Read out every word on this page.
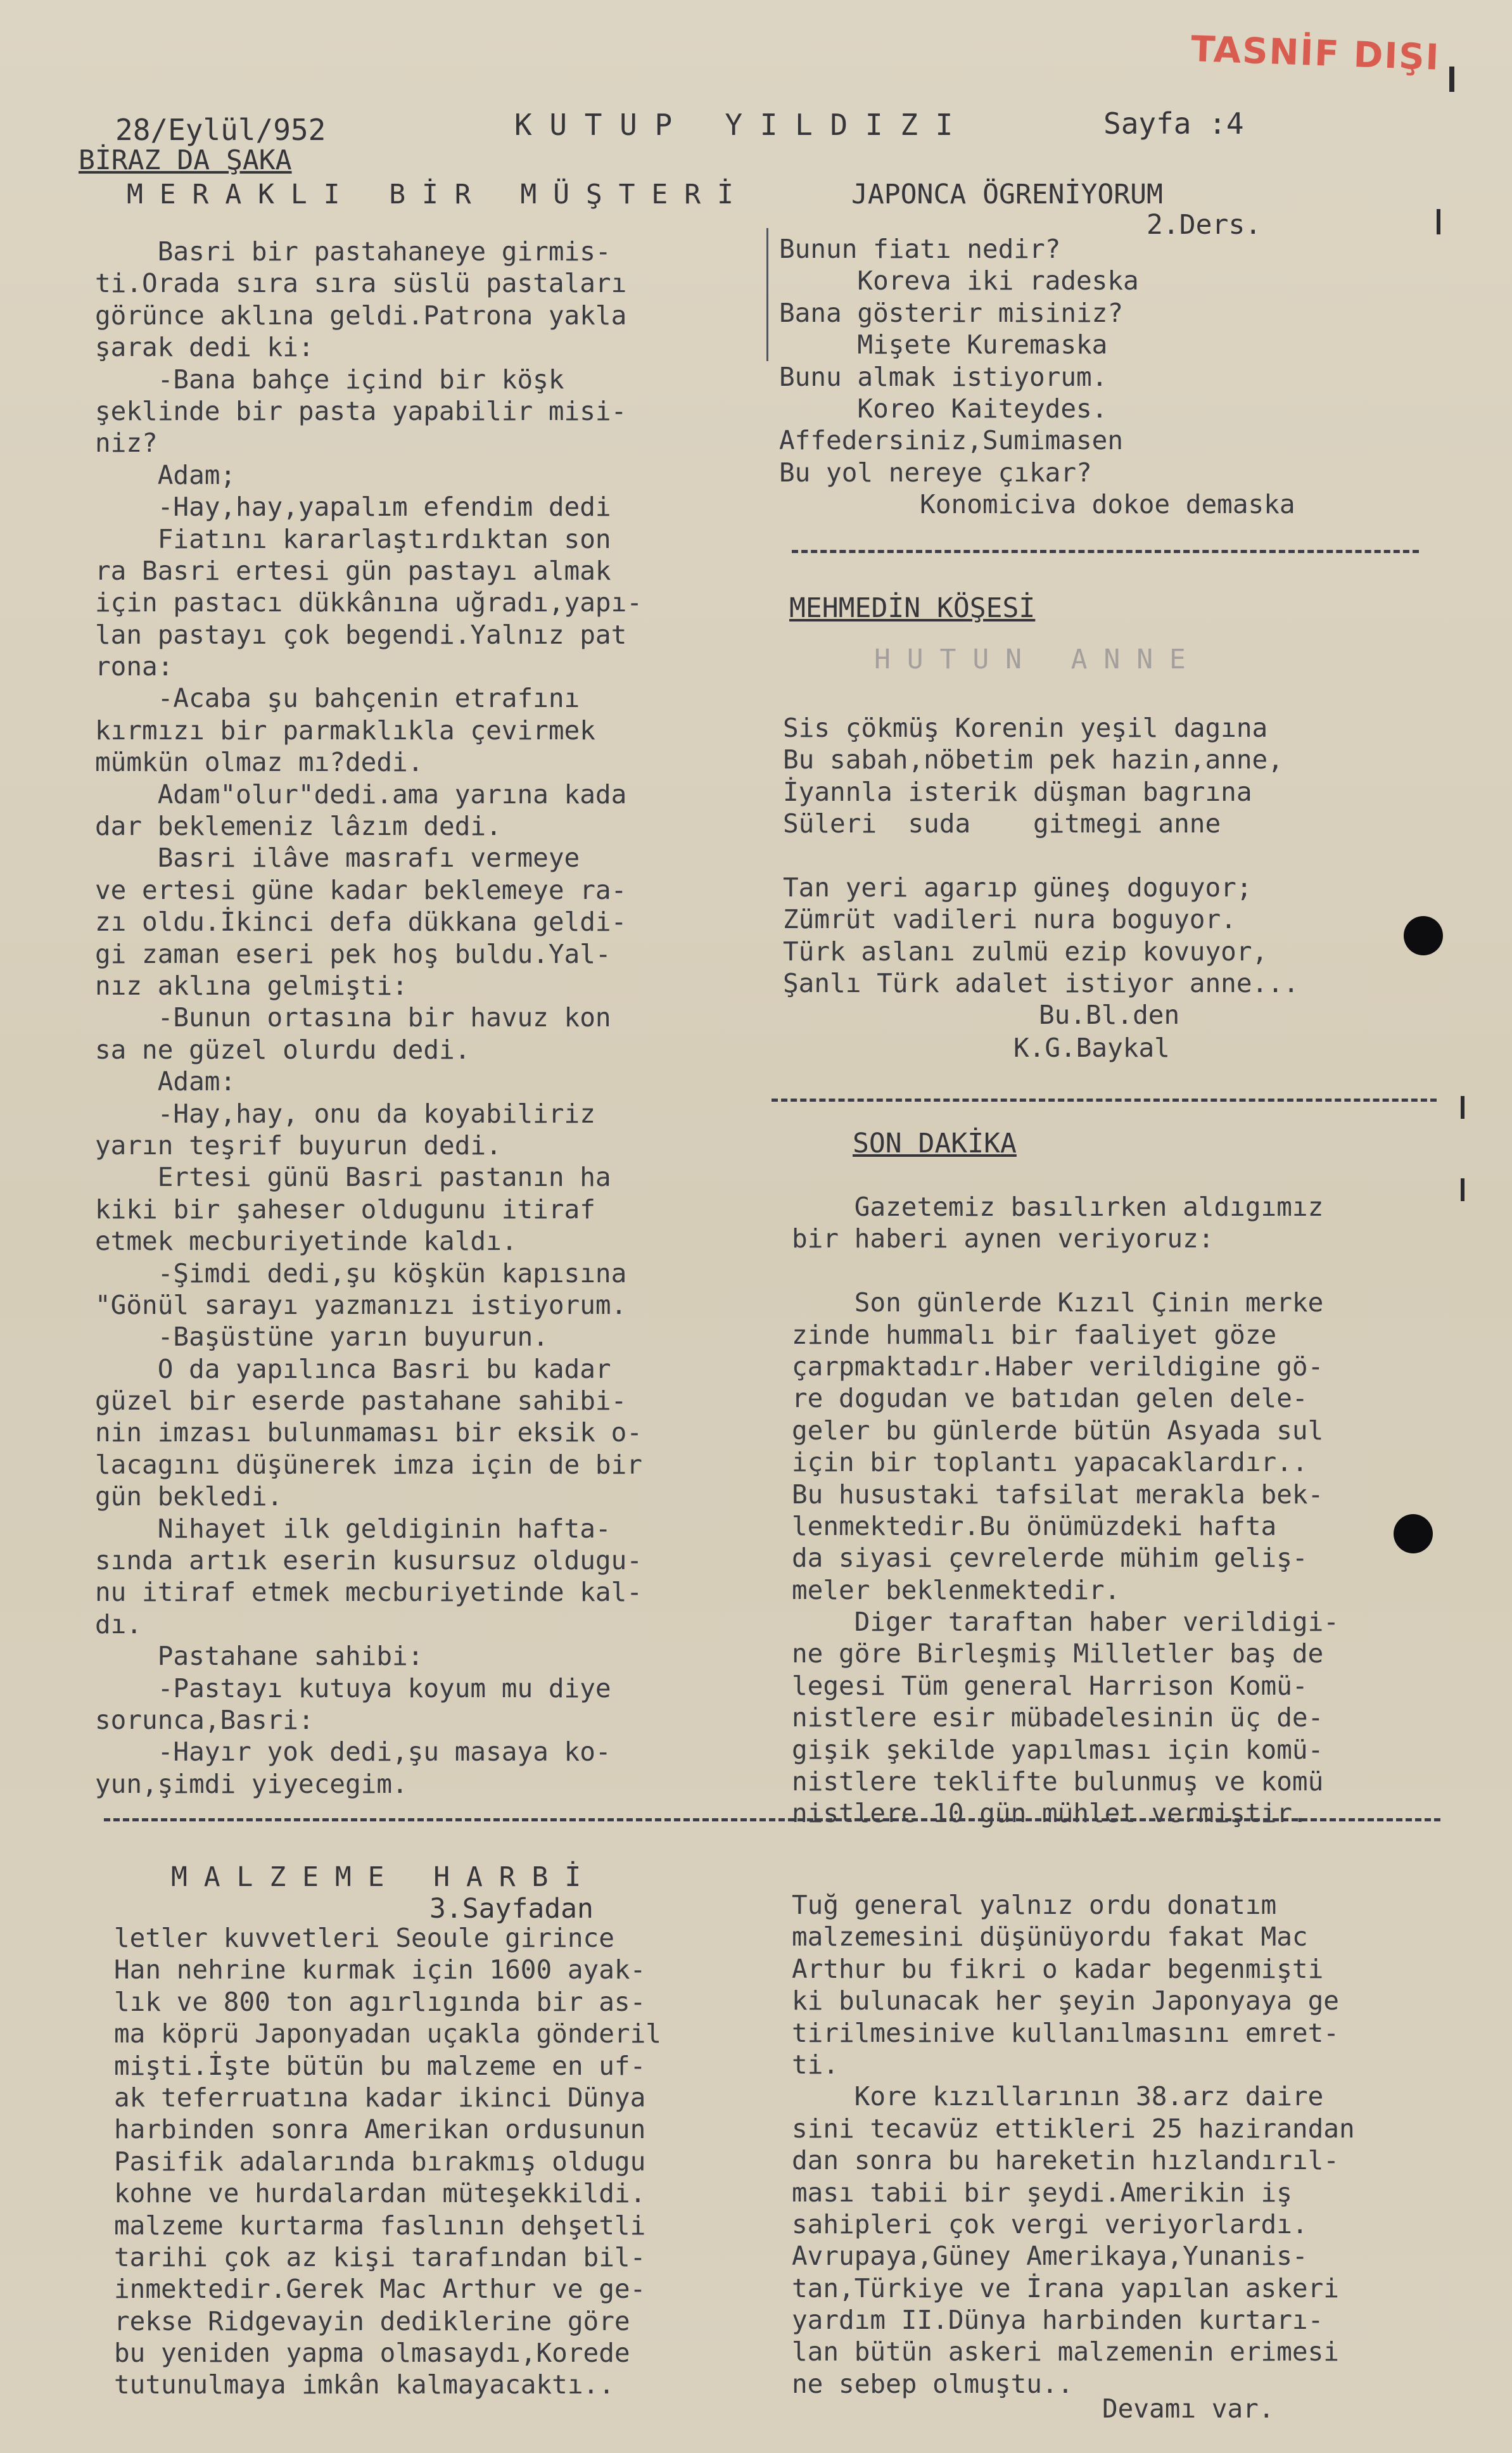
TASNİF DIŞI
28/Eylül/952	K U T U P   Y I L D I Z I	Sayfa :4
BİRAZ DA ŞAKA
M E R A K L I   B İ R   M Ü Ş T E R İ
Basri bir pastahaneye girmis-
ti.Orada sıra sıra süslü pastaları
görünce aklına geldi.Patrona yakla
şarak dedi ki:
-Bana bahçe içind bir köşk
şeklinde bir pasta yapabilir misi-
niz?
Adam;
-Hay,hay,yapalım efendim dedi
Fiatını kararlaştırdıktan son
ra Basri ertesi gün pastayı almak
için pastacı dükkânına uğradı,yapı-
lan pastayı çok begendi.Yalnız pat
rona:
-Acaba şu bahçenin etrafını
kırmızı bir parmaklıkla çevirmek
mümkün olmaz mı?dedi.
Adam"olur"dedi.ama yarına kada
dar beklemeniz lâzım dedi.
Basri ilâve masrafı vermeye
ve ertesi güne kadar beklemeye ra-
zı oldu.İkinci defa dükkana geldi-
gi zaman eseri pek hoş buldu.Yal-
nız aklına gelmişti:
-Bunun ortasına bir havuz kon
sa ne güzel olurdu dedi.
Adam:
-Hay,hay, onu da koyabiliriz
yarın teşrif buyurun dedi.
Ertesi günü Basri pastanın ha
kiki bir şaheser oldugunu itiraf
etmek mecburiyetinde kaldı.
-Şimdi dedi,şu köşkün kapısına
"Gönül sarayı yazmanızı istiyorum.
-Başüstüne yarın buyurun.
O da yapılınca Basri bu kadar
güzel bir eserde pastahane sahibi-
nin imzası bulunmaması bir eksik o-
lacagını düşünerek imza için de bir
gün bekledi.
Nihayet ilk geldiginin hafta-
sında artık eserin kusursuz oldugu-
nu itiraf etmek mecburiyetinde kal-
dı.
Pastahane sahibi:
-Pastayı kutuya koyum mu diye
sorunca,Basri:
-Hayır yok dedi,şu masaya ko-
yun,şimdi yiyecegim.
JAPONCA ÖGRENİYORUM
2.Ders.
Bunun fiatı nedir?
Koreva iki radeska
Bana gösterir misiniz?
Mişete Kuremaska
Bunu almak istiyorum.
Koreo Kaiteydes.
Affedersiniz,Sumimasen
Bu yol nereye çıkar?
Konomiciva dokoe demaska
MEHMEDİN KÖŞESİ
H U T U N   A N N E
Sis çökmüş Korenin yeşil dagına
Bu sabah,nöbetim pek hazin,anne,
İyannla isterik düşman bagrına
Süleri  suda    gitmegi anne
Tan yeri agarıp güneş doguyor;
Zümrüt vadileri nura boguyor.
Türk aslanı zulmü ezip kovuyor,
Şanlı Türk adalet istiyor anne...
Bu.Bl.den
K.G.Baykal
SON DAKİKA
Gazetemiz basılırken aldıgımız
bir haberi aynen veriyoruz:
Son günlerde Kızıl Çinin merke
zinde hummalı bir faaliyet göze
çarpmaktadır.Haber verildigine gö-
re dogudan ve batıdan gelen dele-
geler bu günlerde bütün Asyada sul
için bir toplantı yapacaklardır..
Bu husustaki tafsilat merakla bek-
lenmektedir.Bu önümüzdeki hafta
da siyasi çevrelerde mühim geliş-
meler beklenmektedir.
Diger taraftan haber verildigi-
ne göre Birleşmiş Milletler baş de
legesi Tüm general Harrison Komü-
nistlere esir mübadelesinin üç de-
gişik şekilde yapılması için komü-
nistlere teklifte bulunmuş ve komü
nistlere 10 gün mühlet vermiştir.
M A L Z E M E   H A R B İ
3.Sayfadan
letler kuvvetleri Seoule girince
Han nehrine kurmak için 1600 ayak-
lık ve 800 ton agırlıgında bir as-
ma köprü Japonyadan uçakla gönderil
mişti.İşte bütün bu malzeme en uf-
ak teferruatına kadar ikinci Dünya
harbinden sonra Amerikan ordusunun
Pasifik adalarında bırakmış oldugu
kohne ve hurdalardan müteşekkildi.
malzeme kurtarma faslının dehşetli
tarihi çok az kişi tarafından bil-
inmektedir.Gerek Mac Arthur ve ge-
rekse Ridgevayin dediklerine göre
bu yeniden yapma olmasaydı,Korede
tutunulmaya imkân kalmayacaktı..
Tuğ general yalnız ordu donatım
malzemesini düşünüyordu fakat Mac
Arthur bu fikri o kadar begenmişti
ki bulunacak her şeyin Japonyaya ge
tirilmesinive kullanılmasını emret-
ti.
Kore kızıllarının 38.arz daire
sini tecavüz ettikleri 25 hazirandan
dan sonra bu hareketin hızlandırıl-
ması tabii bir şeydi.Amerikin iş
sahipleri çok vergi veriyorlardı.
Avrupaya,Güney Amerikaya,Yunanis-
tan,Türkiye ve İrana yapılan askeri
yardım II.Dünya harbinden kurtarı-
lan bütün askeri malzemenin erimesi
ne sebep olmuştu..
Devamı var.
